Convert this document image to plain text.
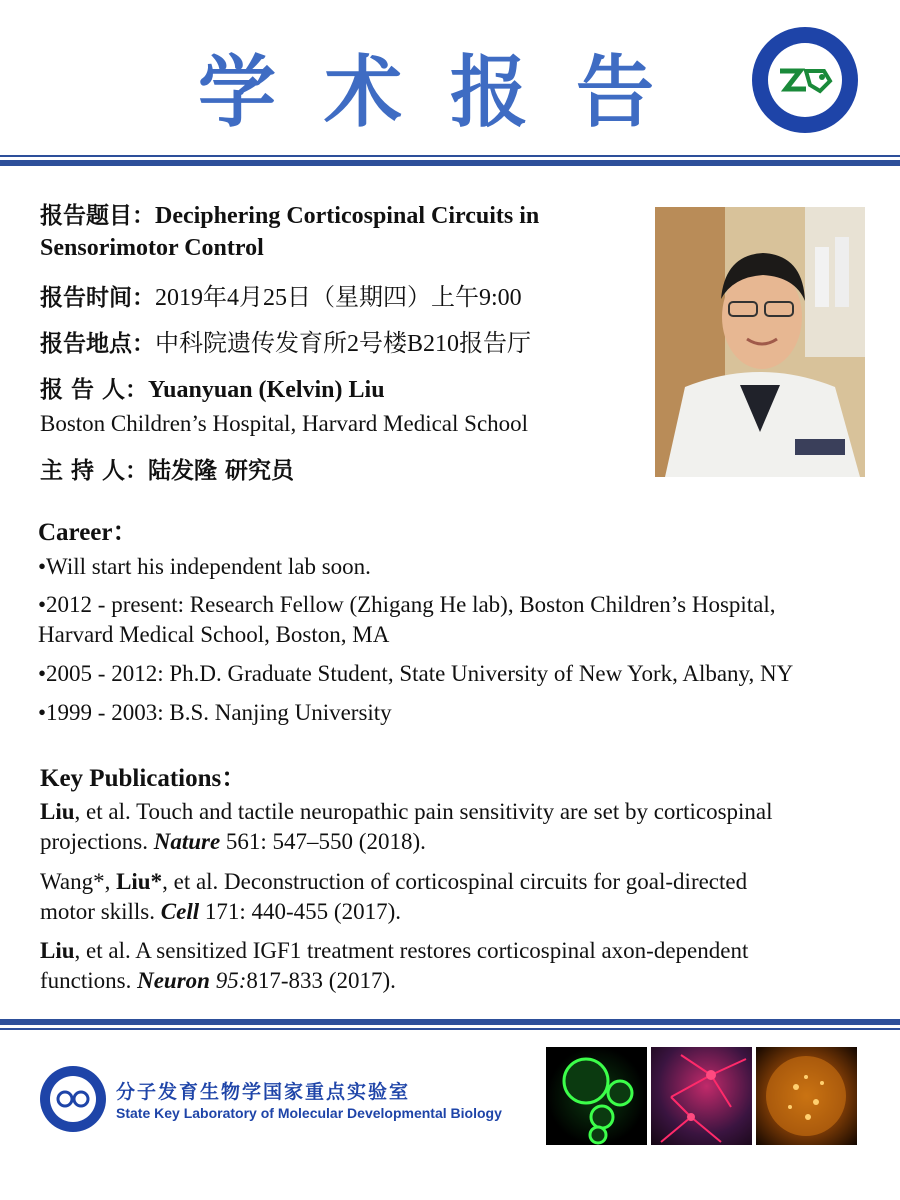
学术报告
报告题目：Deciphering Corticospinal Circuits in
Sensorimotor Control
报告时间：2019年4月25日（星期四）上午9:00
报告地点：中科院遗传发育所2号楼B210报告厅
报 告 人：Yuanyuan (Kelvin) Liu
Boston Children’s Hospital, Harvard Medical School
主 持 人：陆发隆 研究员
Career：
•Will start his independent lab soon.
•2012 - present: Research Fellow (Zhigang He lab), Boston Children’s Hospital,
Harvard Medical School, Boston, MA
•2005 - 2012: Ph.D. Graduate Student, State University of New York, Albany, NY
•1999 - 2003: B.S. Nanjing University
Key Publications：
Liu, et al. Touch and tactile neuropathic pain sensitivity are set by corticospinal
projections. Nature 561: 547–550 (2018).
Wang*, Liu*, et al. Deconstruction of corticospinal circuits for goal-directed
motor skills. Cell 171: 440-455 (2017).
Liu, et al. A sensitized IGF1 treatment restores corticospinal axon-dependent
functions. Neuron 95:817-833 (2017).
分子发育生物学国家重点实验室
State Key Laboratory of Molecular Developmental Biology
